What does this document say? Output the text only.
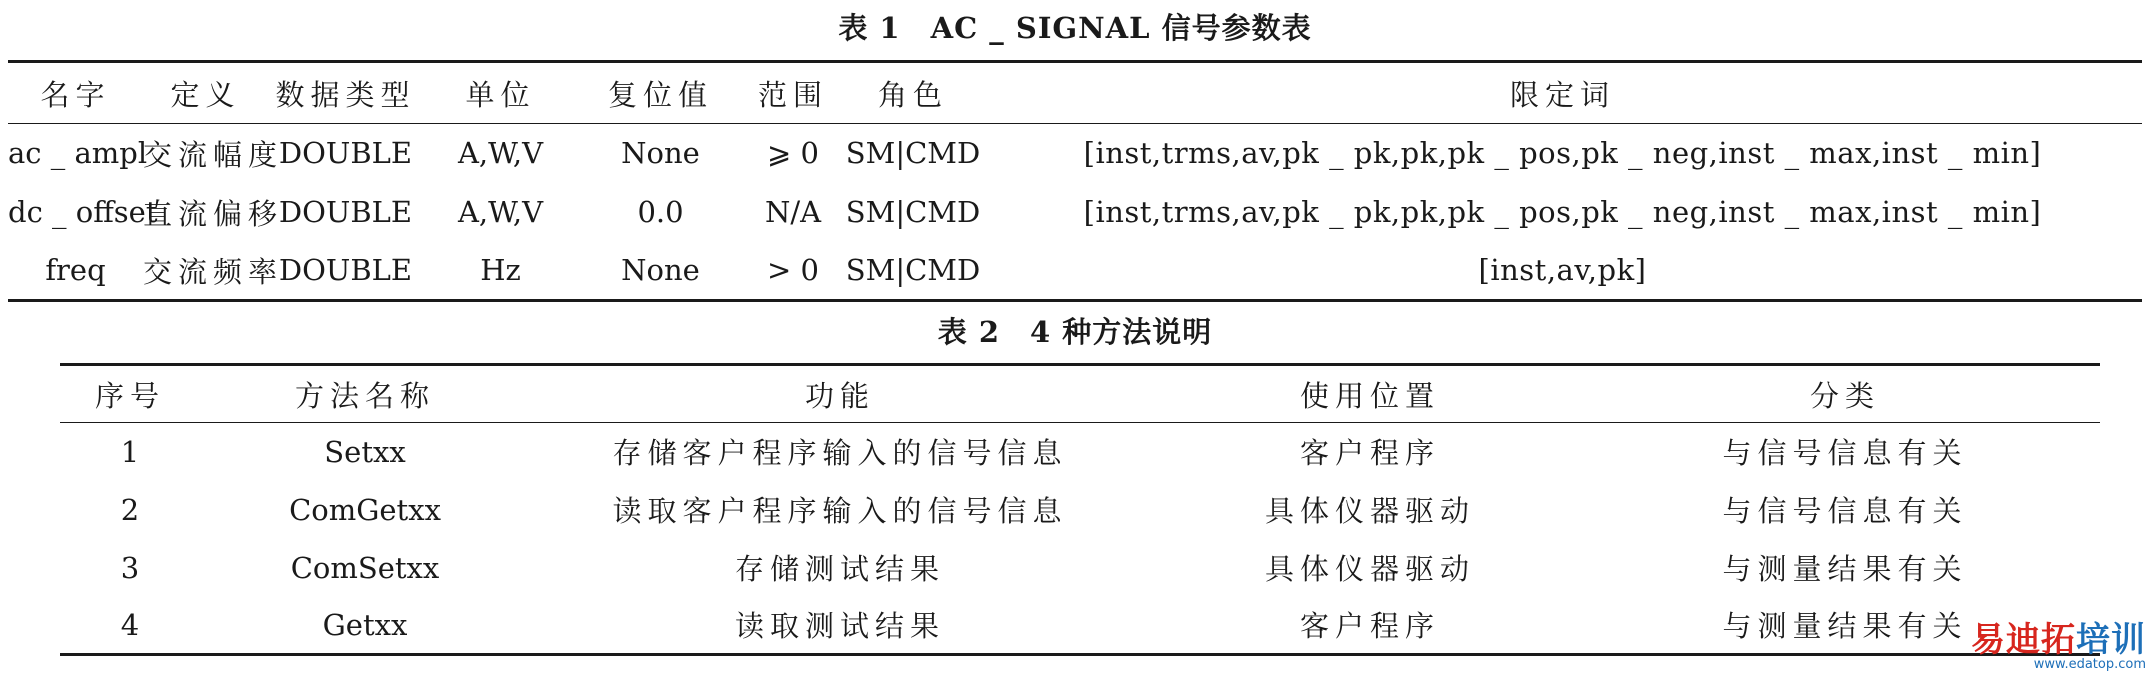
表 1　AC _ SIGNAL 信号参数表
名字	定义	数据类型	单位	复位值	范围	角色	限定词
ac _ ampl	交流幅度	DOUBLE	A,W,V	None	⩾ 0	SM|CMD	[inst,trms,av,pk _ pk,pk,pk _ pos,pk _ neg,inst _ max,inst _ min]
dc _ offset	直流偏移	DOUBLE	A,W,V	0.0	N/A	SM|CMD	[inst,trms,av,pk _ pk,pk,pk _ pos,pk _ neg,inst _ max,inst _ min]
freq	交流频率	DOUBLE	Hz	None	> 0	SM|CMD	[inst,av,pk]
表 2　4 种方法说明
序号	方法名称	功能	使用位置	分类
1	Setxx	存储客户程序输入的信号信息	客户程序	与信号信息有关
2	ComGetxx	读取客户程序输入的信号信息	具体仪器驱动	与信号信息有关
3	ComSetxx	存储测试结果	具体仪器驱动	与测量结果有关
4	Getxx	读取测试结果	客户程序	与测量结果有关 易迪拓培训
www.edatop.com
